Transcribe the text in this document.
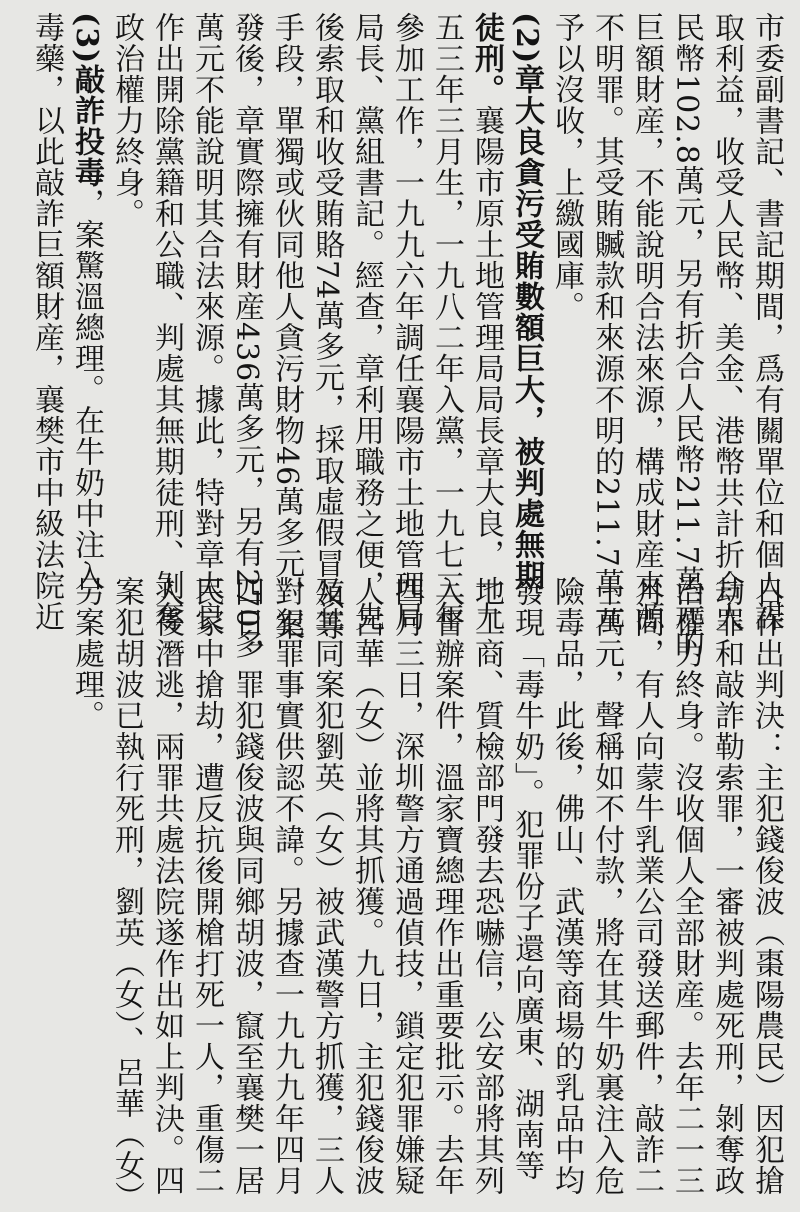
市委副書記、書記期間，爲有關單位和個人謀
取利益，收受人民幣、美金、港幣共計折合人
民幣102.8萬元，另有折合人民幣211.7萬元的
巨額財産，不能說明合法來源，構成財産來源
不明罪。其受賄贓款和來源不明的211.7萬元
予以沒收，上繳國庫。
(2)章大良貪污受賄數額巨大，被判處無期
徒刑。襄陽市原土地管理局局長章大良，一九
五三年三月生，一九八二年入黨，一九七三年
參加工作，一九九六年調任襄陽市土地管理局
局長、黨組書記。經查，章利用職務之便，先
後索取和收受賄賂74萬多元，採取虛假冒領等
手段，單獨或伙同他人貪污財物46萬多元，案
發後，章實際擁有財産436萬多元，另有270多
萬元不能說明其合法來源。據此，特對章大良
作出開除黨籍和公職、判處其無期徒刑、剝奪
政治權力終身。
(3)敲詐投毒，案驚溫總理。在牛奶中注入
毒藥，以此敲詐巨額財産，襄樊市中級法院近
日作出判決：主犯錢俊波（棗陽農民）因犯搶
劫罪和敲詐勒索罪，一審被判處死刑，剝奪政
治權力終身。沒收個人全部財産。去年二一三
月間，有人向蒙牛乳業公司發送郵件，敲詐二
十萬元，聲稱如不付款，將在其牛奶裏注入危
險毒品，此後，佛山、武漢等商場的乳品中均
發現「毒牛奶」。犯罪份子還向廣東、湖南等
地工商、質檢部門發去恐嚇信，公安部將其列
入督辦案件，溫家寶總理作出重要批示。去年
四月三日，深圳警方通過偵技，鎖定犯罪嫌疑
人呂華（女）並將其抓獲。九日，主犯錢俊波
及其同案犯劉英（女）被武漢警方抓獲，三人
對犯罪事實供認不諱。另據查一九九九年四月
四日，罪犯錢俊波與同鄉胡波，竄至襄樊一居
民家中搶劫，遭反抗後開槍打死一人，重傷二
人後潛逃，兩罪共處法院遂作出如上判決。四
案犯胡波已執行死刑，劉英（女）、呂華（女）
另案處理。
